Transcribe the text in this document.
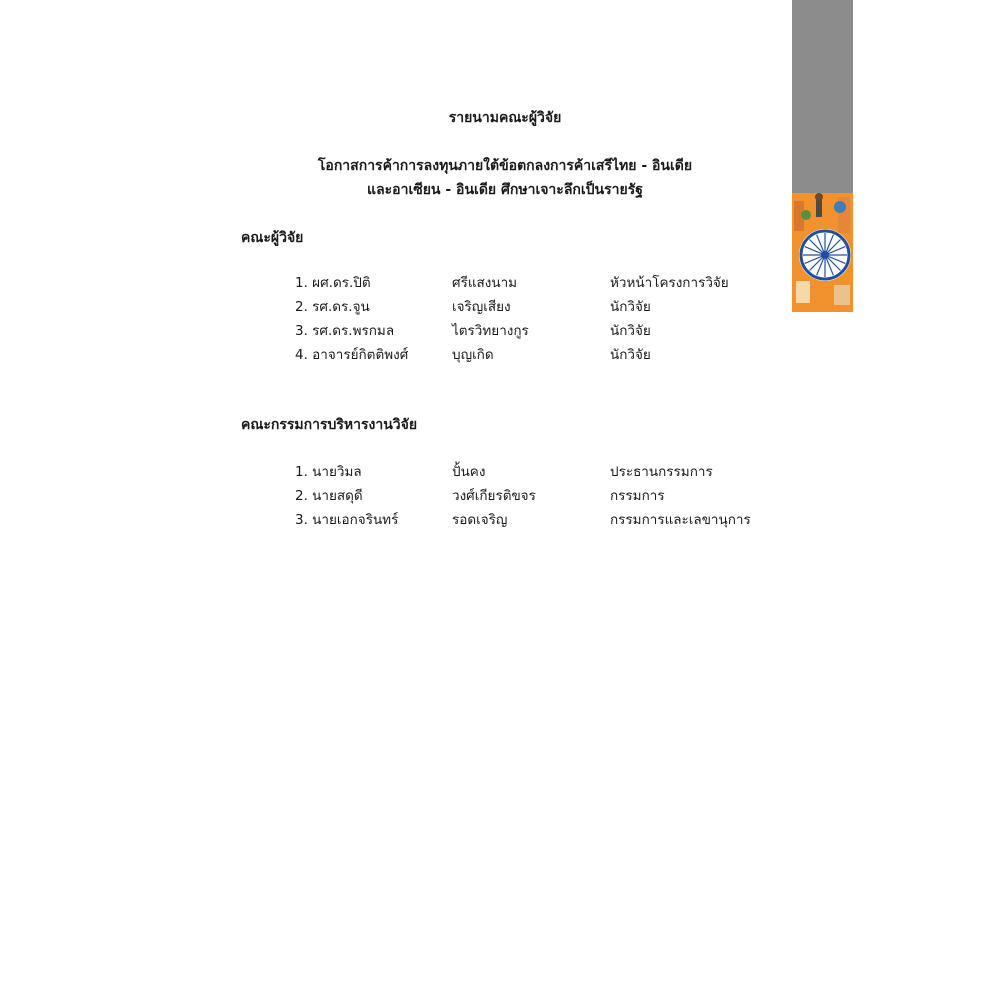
รายนามคณะผู้วิจัย
โอกาสการค้าการลงทุนภายใต้ข้อตกลงการค้าเสรีไทย - อินเดีย
และอาเซียน - อินเดีย ศึกษาเจาะลึกเป็นรายรัฐ
คณะผู้วิจัย
1. ผศ.ดร.ปิติ	ศรีแสงนาม	หัวหน้าโครงการวิจัย
2. รศ.ดร.จูน	เจริญเสียง	นักวิจัย
3. รศ.ดร.พรกมล	ไตรวิทยางกูร	นักวิจัย
4. อาจารย์กิตติพงศ์	บุญเกิด	นักวิจัย
คณะกรรมการบริหารงานวิจัย
1. นายวิมล	ปั้นคง	ประธานกรรมการ
2. นายสดุดี	วงศ์เกียรติขจร	กรรมการ
3. นายเอกจรินทร์	รอดเจริญ	กรรมการและเลขานุการ
